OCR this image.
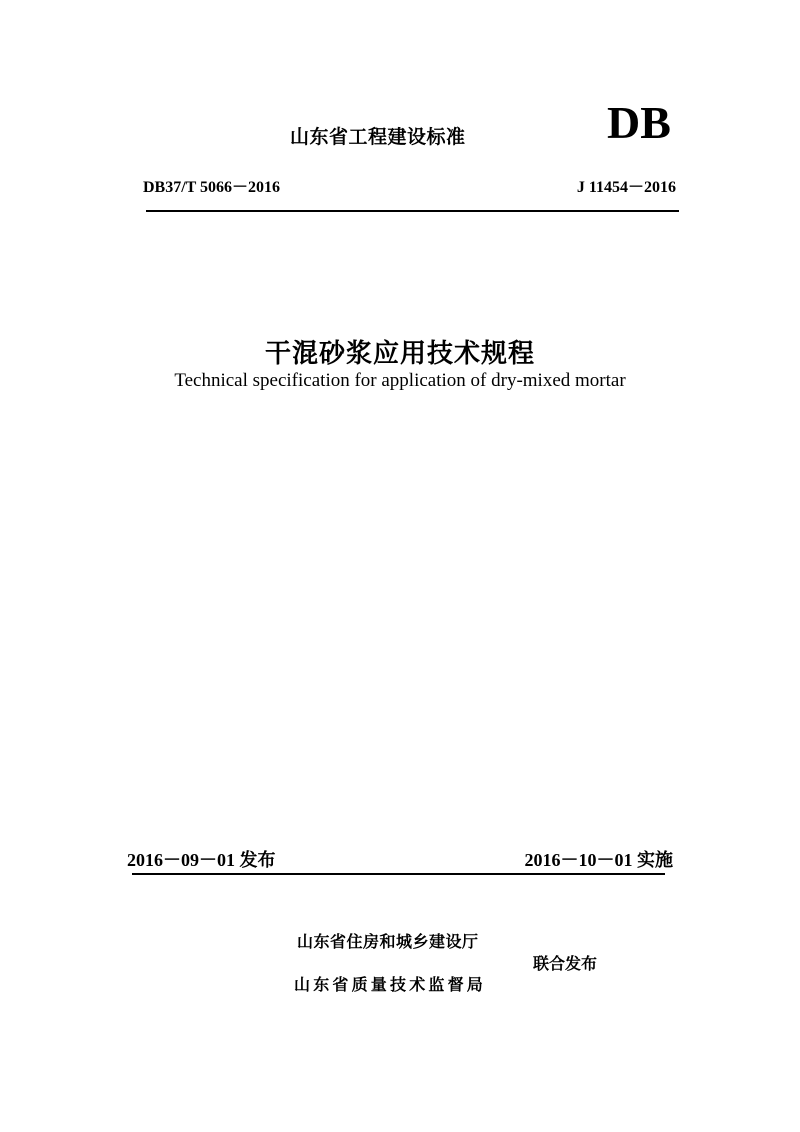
山东省工程建设标准	DB
DB37/T 5066－2016	J 11454－2016
干混砂浆应用技术规程
Technical specification for application of dry-mixed mortar
2016－09－01 发布	2016－10－01 实施
山东省住房和城乡建设厅
山东省质量技术监督局
联合发布
